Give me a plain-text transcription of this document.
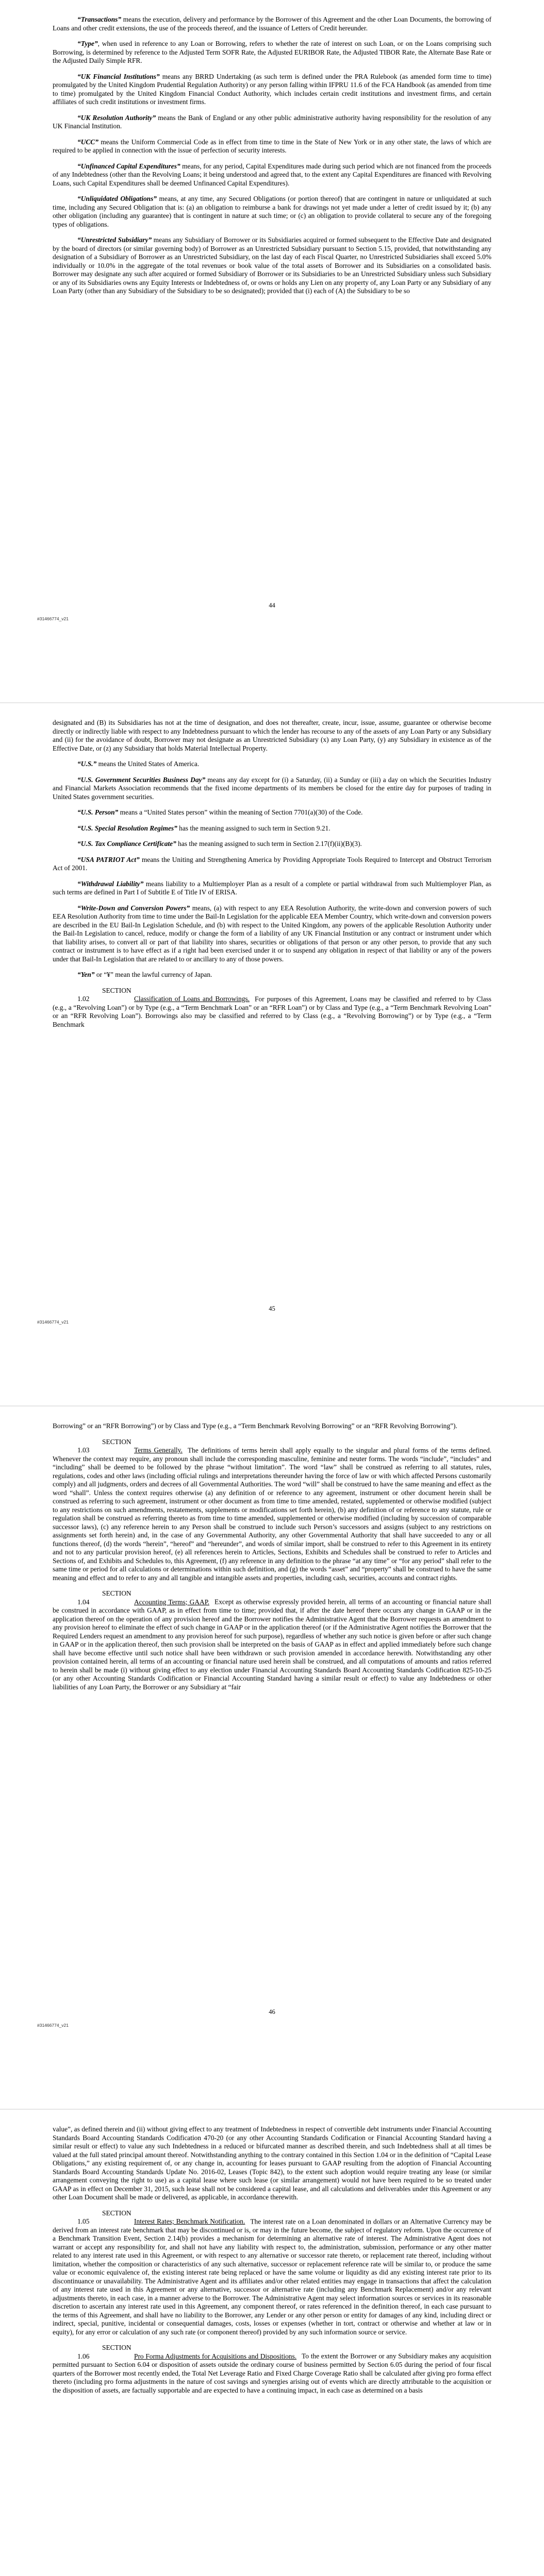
“Transactions” means the execution, delivery and performance by the Borrower of this Agreement and the other Loan Documents, the borrowing of Loans and other credit extensions, the use of the proceeds thereof, and the issuance of Letters of Credit hereunder.

“Type”, when used in reference to any Loan or Borrowing, refers to whether the rate of interest on such Loan, or on the Loans comprising such Borrowing, is determined by reference to the Adjusted Term SOFR Rate, the Adjusted EURIBOR Rate, the Adjusted TIBOR Rate, the Alternate Base Rate or the Adjusted Daily Simple RFR.

“UK Financial Institutions” means any BRRD Undertaking (as such term is defined under the PRA Rulebook (as amended form time to time) promulgated by the United Kingdom Prudential Regulation Authority) or any person falling within IFPRU 11.6 of the FCA Handbook (as amended from time to time) promulgated by the United Kingdom Financial Conduct Authority, which includes certain credit institutions and investment firms, and certain affiliates of such credit institutions or investment firms.

“UK Resolution Authority” means the Bank of England or any other public administrative authority having responsibility for the resolution of any UK Financial Institution.

“UCC” means the Uniform Commercial Code as in effect from time to time in the State of New York or in any other state, the laws of which are required to be applied in connection with the issue of perfection of security interests.

“Unfinanced Capital Expenditures” means, for any period, Capital Expenditures made during such period which are not financed from the proceeds of any Indebtedness (other than the Revolving Loans; it being understood and agreed that, to the extent any Capital Expenditures are financed with Revolving Loans, such Capital Expenditures shall be deemed Unfinanced Capital Expenditures).

“Unliquidated Obligations” means, at any time, any Secured Obligations (or portion thereof) that are contingent in nature or unliquidated at such time, including any Secured Obligation that is: (a) an obligation to reimburse a bank for drawings not yet made under a letter of credit issued by it; (b) any other obligation (including any guarantee) that is contingent in nature at such time; or (c) an obligation to provide collateral to secure any of the foregoing types of obligations.

“Unrestricted Subsidiary” means any Subsidiary of Borrower or its Subsidiaries acquired or formed subsequent to the Effective Date and designated by the board of directors (or similar governing body) of Borrower as an Unrestricted Subsidiary pursuant to Section 5.15, provided, that notwithstanding any designation of a Subsidiary of Borrower as an Unrestricted Subsidiary, on the last day of each Fiscal Quarter, no Unrestricted Subsidiaries shall exceed 5.0% individually or 10.0% in the aggregate of the total revenues or book value of the total assets of Borrower and its Subsidiaries on a consolidated basis. Borrower may designate any such after acquired or formed Subsidiary of Borrower or its Subsidiaries to be an Unrestricted Subsidiary unless such Subsidiary or any of its Subsidiaries owns any Equity Interests or Indebtedness of, or owns or holds any Lien on any property of, any Loan Party or any Subsidiary of any Loan Party (other than any Subsidiary of the Subsidiary to be so designated); provided that (i) each of (A) the Subsidiary to be so

44
#31466774_v21

designated and (B) its Subsidiaries has not at the time of designation, and does not thereafter, create, incur, issue, assume, guarantee or otherwise become directly or indirectly liable with respect to any Indebtedness pursuant to which the lender has recourse to any of the assets of any Loan Party or any Subsidiary and (ii) for the avoidance of doubt, Borrower may not designate as an Unrestricted Subsidiary (x) any Loan Party, (y) any Subsidiary in existence as of the Effective Date, or (z) any Subsidiary that holds Material Intellectual Property.

“U.S.” means the United States of America.

“U.S. Government Securities Business Day” means any day except for (i) a Saturday, (ii) a Sunday or (iii) a day on which the Securities Industry and Financial Markets Association recommends that the fixed income departments of its members be closed for the entire day for purposes of trading in United States government securities.

“U.S. Person” means a “United States person” within the meaning of Section 7701(a)(30) of the Code.

“U.S. Special Resolution Regimes” has the meaning assigned to such term in Section 9.21.

“U.S. Tax Compliance Certificate” has the meaning assigned to such term in Section 2.17(f)(ii)(B)(3).

“USA PATRIOT Act” means the Uniting and Strengthening America by Providing Appropriate Tools Required to Intercept and Obstruct Terrorism Act of 2001.

“Withdrawal Liability” means liability to a Multiemployer Plan as a result of a complete or partial withdrawal from such Multiemployer Plan, as such terms are defined in Part I of Subtitle E of Title IV of ERISA.

“Write-Down and Conversion Powers” means, (a) with respect to any EEA Resolution Authority, the write-down and conversion powers of such EEA Resolution Authority from time to time under the Bail-In Legislation for the applicable EEA Member Country, which write-down and conversion powers are described in the EU Bail-In Legislation Schedule, and (b) with respect to the United Kingdom, any powers of the applicable Resolution Authority under the Bail-In Legislation to cancel, reduce, modify or change the form of a liability of any UK Financial Institution or any contract or instrument under which that liability arises, to convert all or part of that liability into shares, securities or obligations of that person or any other person, to provide that any such contract or instrument is to have effect as if a right had been exercised under it or to suspend any obligation in respect of that liability or any of the powers under that Bail-In Legislation that are related to or ancillary to any of those powers.

“Yen” or “¥” mean the lawful currency of Japan.

SECTION 1.02	Classification of Loans and Borrowings. For purposes of this Agreement, Loans may be classified and referred to by Class (e.g., a “Revolving Loan”) or by Type (e.g., a “Term Benchmark Loan” or an “RFR Loan”) or by Class and Type (e.g., a “Term Benchmark Revolving Loan” or an “RFR Revolving Loan”). Borrowings also may be classified and referred to by Class (e.g., a “Revolving Borrowing”) or by Type (e.g., a “Term Benchmark

45
#31466774_v21

Borrowing” or an “RFR Borrowing”) or by Class and Type (e.g., a “Term Benchmark Revolving Borrowing” or an “RFR Revolving Borrowing”).

SECTION 1.03	Terms Generally. The definitions of terms herein shall apply equally to the singular and plural forms of the terms defined. Whenever the context may require, any pronoun shall include the corresponding masculine, feminine and neuter forms. The words “include”, “includes” and “including” shall be deemed to be followed by the phrase “without limitation”. The word “law” shall be construed as referring to all statutes, rules, regulations, codes and other laws (including official rulings and interpretations thereunder having the force of law or with which affected Persons customarily comply) and all judgments, orders and decrees of all Governmental Authorities. The word “will” shall be construed to have the same meaning and effect as the word “shall”. Unless the context requires otherwise (a) any definition of or reference to any agreement, instrument or other document herein shall be construed as referring to such agreement, instrument or other document as from time to time amended, restated, supplemented or otherwise modified (subject to any restrictions on such amendments, restatements, supplements or modifications set forth herein), (b) any definition of or reference to any statute, rule or regulation shall be construed as referring thereto as from time to time amended, supplemented or otherwise modified (including by succession of comparable successor laws), (c) any reference herein to any Person shall be construed to include such Person’s successors and assigns (subject to any restrictions on assignments set forth herein) and, in the case of any Governmental Authority, any other Governmental Authority that shall have succeeded to any or all functions thereof, (d) the words “herein”, “hereof” and “hereunder”, and words of similar import, shall be construed to refer to this Agreement in its entirety and not to any particular provision hereof, (e) all references herein to Articles, Sections, Exhibits and Schedules shall be construed to refer to Articles and Sections of, and Exhibits and Schedules to, this Agreement, (f) any reference in any definition to the phrase “at any time” or “for any period” shall refer to the same time or period for all calculations or determinations within such definition, and (g) the words “asset” and “property” shall be construed to have the same meaning and effect and to refer to any and all tangible and intangible assets and properties, including cash, securities, accounts and contract rights.

SECTION 1.04	Accounting Terms; GAAP. Except as otherwise expressly provided herein, all terms of an accounting or financial nature shall be construed in accordance with GAAP, as in effect from time to time; provided that, if after the date hereof there occurs any change in GAAP or in the application thereof on the operation of any provision hereof and the Borrower notifies the Administrative Agent that the Borrower requests an amendment to any provision hereof to eliminate the effect of such change in GAAP or in the application thereof (or if the Administrative Agent notifies the Borrower that the Required Lenders request an amendment to any provision hereof for such purpose), regardless of whether any such notice is given before or after such change in GAAP or in the application thereof, then such provision shall be interpreted on the basis of GAAP as in effect and applied immediately before such change shall have become effective until such notice shall have been withdrawn or such provision amended in accordance herewith. Notwithstanding any other provision contained herein, all terms of an accounting or financial nature used herein shall be construed, and all computations of amounts and ratios referred to herein shall be made (i) without giving effect to any election under Financial Accounting Standards Board Accounting Standards Codification 825-10-25 (or any other Accounting Standards Codification or Financial Accounting Standard having a similar result or effect) to value any Indebtedness or other liabilities of any Loan Party, the Borrower or any Subsidiary at “fair

46
#31466774_v21

value”, as defined therein and (ii) without giving effect to any treatment of Indebtedness in respect of convertible debt instruments under Financial Accounting Standards Board Accounting Standards Codification 470-20 (or any other Accounting Standards Codification or Financial Accounting Standard having a similar result or effect) to value any such Indebtedness in a reduced or bifurcated manner as described therein, and such Indebtedness shall at all times be valued at the full stated principal amount thereof. Notwithstanding anything to the contrary contained in this Section 1.04 or in the definition of “Capital Lease Obligations,” any existing requirement of, or any change in, accounting for leases pursuant to GAAP resulting from the adoption of Financial Accounting Standards Board Accounting Standards Update No. 2016-02, Leases (Topic 842), to the extent such adoption would require treating any lease (or similar arrangement conveying the right to use) as a capital lease where such lease (or similar arrangement) would not have been required to be so treated under GAAP as in effect on December 31, 2015, such lease shall not be considered a capital lease, and all calculations and deliverables under this Agreement or any other Loan Document shall be made or delivered, as applicable, in accordance therewith.

SECTION 1.05	Interest Rates; Benchmark Notification. The interest rate on a Loan denominated in dollars or an Alternative Currency may be derived from an interest rate benchmark that may be discontinued or is, or may in the future become, the subject of regulatory reform. Upon the occurrence of a Benchmark Transition Event, Section 2.14(b) provides a mechanism for determining an alternative rate of interest. The Administrative Agent does not warrant or accept any responsibility for, and shall not have any liability with respect to, the administration, submission, performance or any other matter related to any interest rate used in this Agreement, or with respect to any alternative or successor rate thereto, or replacement rate thereof, including without limitation, whether the composition or characteristics of any such alternative, successor or replacement reference rate will be similar to, or produce the same value or economic equivalence of, the existing interest rate being replaced or have the same volume or liquidity as did any existing interest rate prior to its discontinuance or unavailability. The Administrative Agent and its affiliates and/or other related entities may engage in transactions that affect the calculation of any interest rate used in this Agreement or any alternative, successor or alternative rate (including any Benchmark Replacement) and/or any relevant adjustments thereto, in each case, in a manner adverse to the Borrower. The Administrative Agent may select information sources or services in its reasonable discretion to ascertain any interest rate used in this Agreement, any component thereof, or rates referenced in the definition thereof, in each case pursuant to the terms of this Agreement, and shall have no liability to the Borrower, any Lender or any other person or entity for damages of any kind, including direct or indirect, special, punitive, incidental or consequential damages, costs, losses or expenses (whether in tort, contract or otherwise and whether at law or in equity), for any error or calculation of any such rate (or component thereof) provided by any such information source or service.

SECTION 1.06	Pro Forma Adjustments for Acquisitions and Dispositions. To the extent the Borrower or any Subsidiary makes any acquisition permitted pursuant to Section 6.04 or disposition of assets outside the ordinary course of business permitted by Section 6.05 during the period of four fiscal quarters of the Borrower most recently ended, the Total Net Leverage Ratio and Fixed Charge Coverage Ratio shall be calculated after giving pro forma effect thereto (including pro forma adjustments in the nature of cost savings and synergies arising out of events which are directly attributable to the acquisition or the disposition of assets, are factually supportable and are expected to have a continuing impact, in each case as determined on a basis
